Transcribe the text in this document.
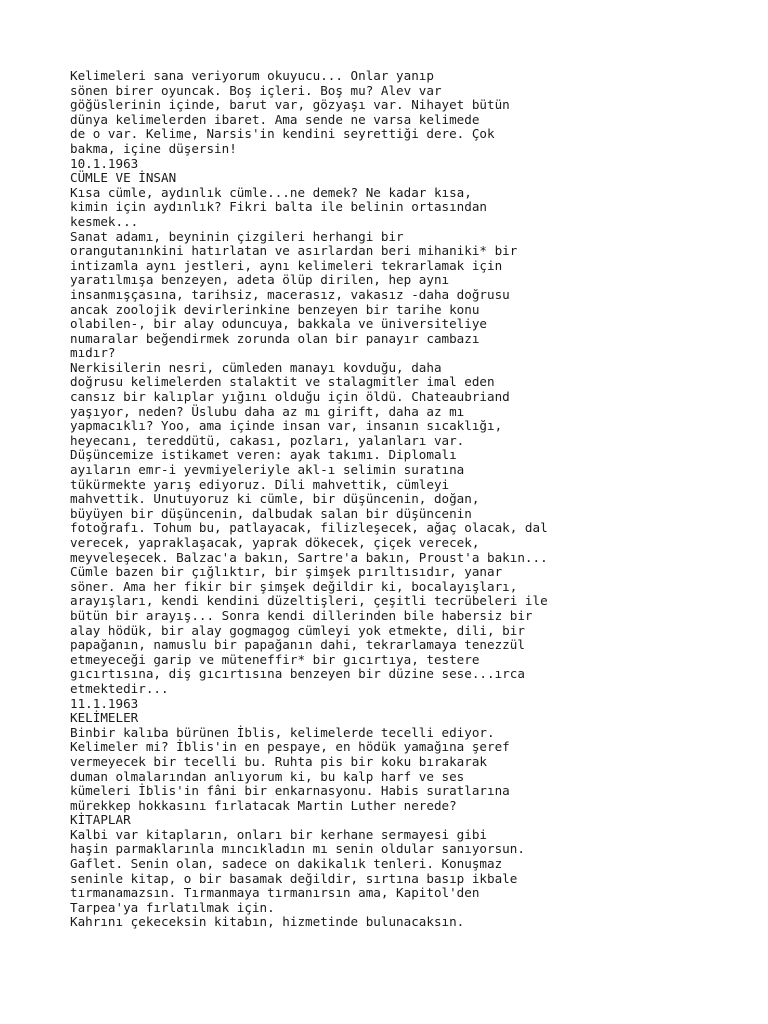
Kelimeleri sana veriyorum okuyucu... Onlar yanıp
sönen birer oyuncak. Boş içleri. Boş mu? Alev var
göğüslerinin içinde, barut var, gözyaşı var. Nihayet bütün
dünya kelimelerden ibaret. Ama sende ne varsa kelimede
de o var. Kelime, Narsis'in kendini seyrettiği dere. Çok
bakma, içine düşersin!
10.1.1963
CÜMLE VE İNSAN
Kısa cümle, aydınlık cümle...ne demek? Ne kadar kısa,
kimin için aydınlık? Fikri balta ile belinin ortasından
kesmek...
Sanat adamı, beyninin çizgileri herhangi bir
orangutanınkini hatırlatan ve asırlardan beri mihaniki* bir
intizamla aynı jestleri, aynı kelimeleri tekrarlamak için
yaratılmışa benzeyen, adeta ölüp dirilen, hep aynı
insanmışçasına, tarihsiz, macerasız, vakasız -daha doğrusu
ancak zoolojik devirlerinkine benzeyen bir tarihe konu
olabilen-, bir alay oduncuya, bakkala ve üniversiteliye
numaralar beğendirmek zorunda olan bir panayır cambazı
mıdır?
Nerkisilerin nesri, cümleden manayı kovduğu, daha
doğrusu kelimelerden stalaktit ve stalagmitler imal eden
cansız bir kalıplar yığını olduğu için öldü. Chateaubriand
yaşıyor, neden? Üslubu daha az mı girift, daha az mı
yapmacıklı? Yoo, ama içinde insan var, insanın sıcaklığı,
heyecanı, tereddütü, cakası, pozları, yalanları var.
Düşüncemize istikamet veren: ayak takımı. Diplomalı
ayıların emr-i yevmiyeleriyle akl-ı selimin suratına
tükürmekte yarış ediyoruz. Dili mahvettik, cümleyi
mahvettik. Unutuyoruz ki cümle, bir düşüncenin, doğan,
büyüyen bir düşüncenin, dalbudak salan bir düşüncenin
fotoğrafı. Tohum bu, patlayacak, filizleşecek, ağaç olacak, dal
verecek, yapraklaşacak, yaprak dökecek, çiçek verecek,
meyveleşecek. Balzac'a bakın, Sartre'a bakın, Proust'a bakın...
Cümle bazen bir çığlıktır, bir şimşek pırıltısıdır, yanar
söner. Ama her fikir bir şimşek değildir ki, bocalayışları,
arayışları, kendi kendini düzeltişleri, çeşitli tecrübeleri ile
bütün bir arayış... Sonra kendi dillerinden bile habersiz bir
alay hödük, bir alay gogmagog cümleyi yok etmekte, dili, bir
papağanın, namuslu bir papağanın dahi, tekrarlamaya tenezzül
etmeyeceği garip ve müteneffir* bir gıcırtıya, testere
gıcırtısına, diş gıcırtısına benzeyen bir düzine sese...ırca
etmektedir...
11.1.1963
KELİMELER
Binbir kalıba bürünen İblis, kelimelerde tecelli ediyor.
Kelimeler mi? İblis'in en pespaye, en hödük yamağına şeref
vermeyecek bir tecelli bu. Ruhta pis bir koku bırakarak
duman olmalarından anlıyorum ki, bu kalp harf ve ses
kümeleri İblis'in fâni bir enkarnasyonu. Habis suratlarına
mürekkep hokkasını fırlatacak Martin Luther nerede?
KİTAPLAR
Kalbi var kitapların, onları bir kerhane sermayesi gibi
haşin parmaklarınla mıncıkladın mı senin oldular sanıyorsun.
Gaflet. Senin olan, sadece on dakikalık tenleri. Konuşmaz
seninle kitap, o bir basamak değildir, sırtına basıp ikbale
tırmanamazsın. Tırmanmaya tırmanırsın ama, Kapitol'den
Tarpea'ya fırlatılmak için.
Kahrını çekeceksin kitabın, hizmetinde bulunacaksın.
